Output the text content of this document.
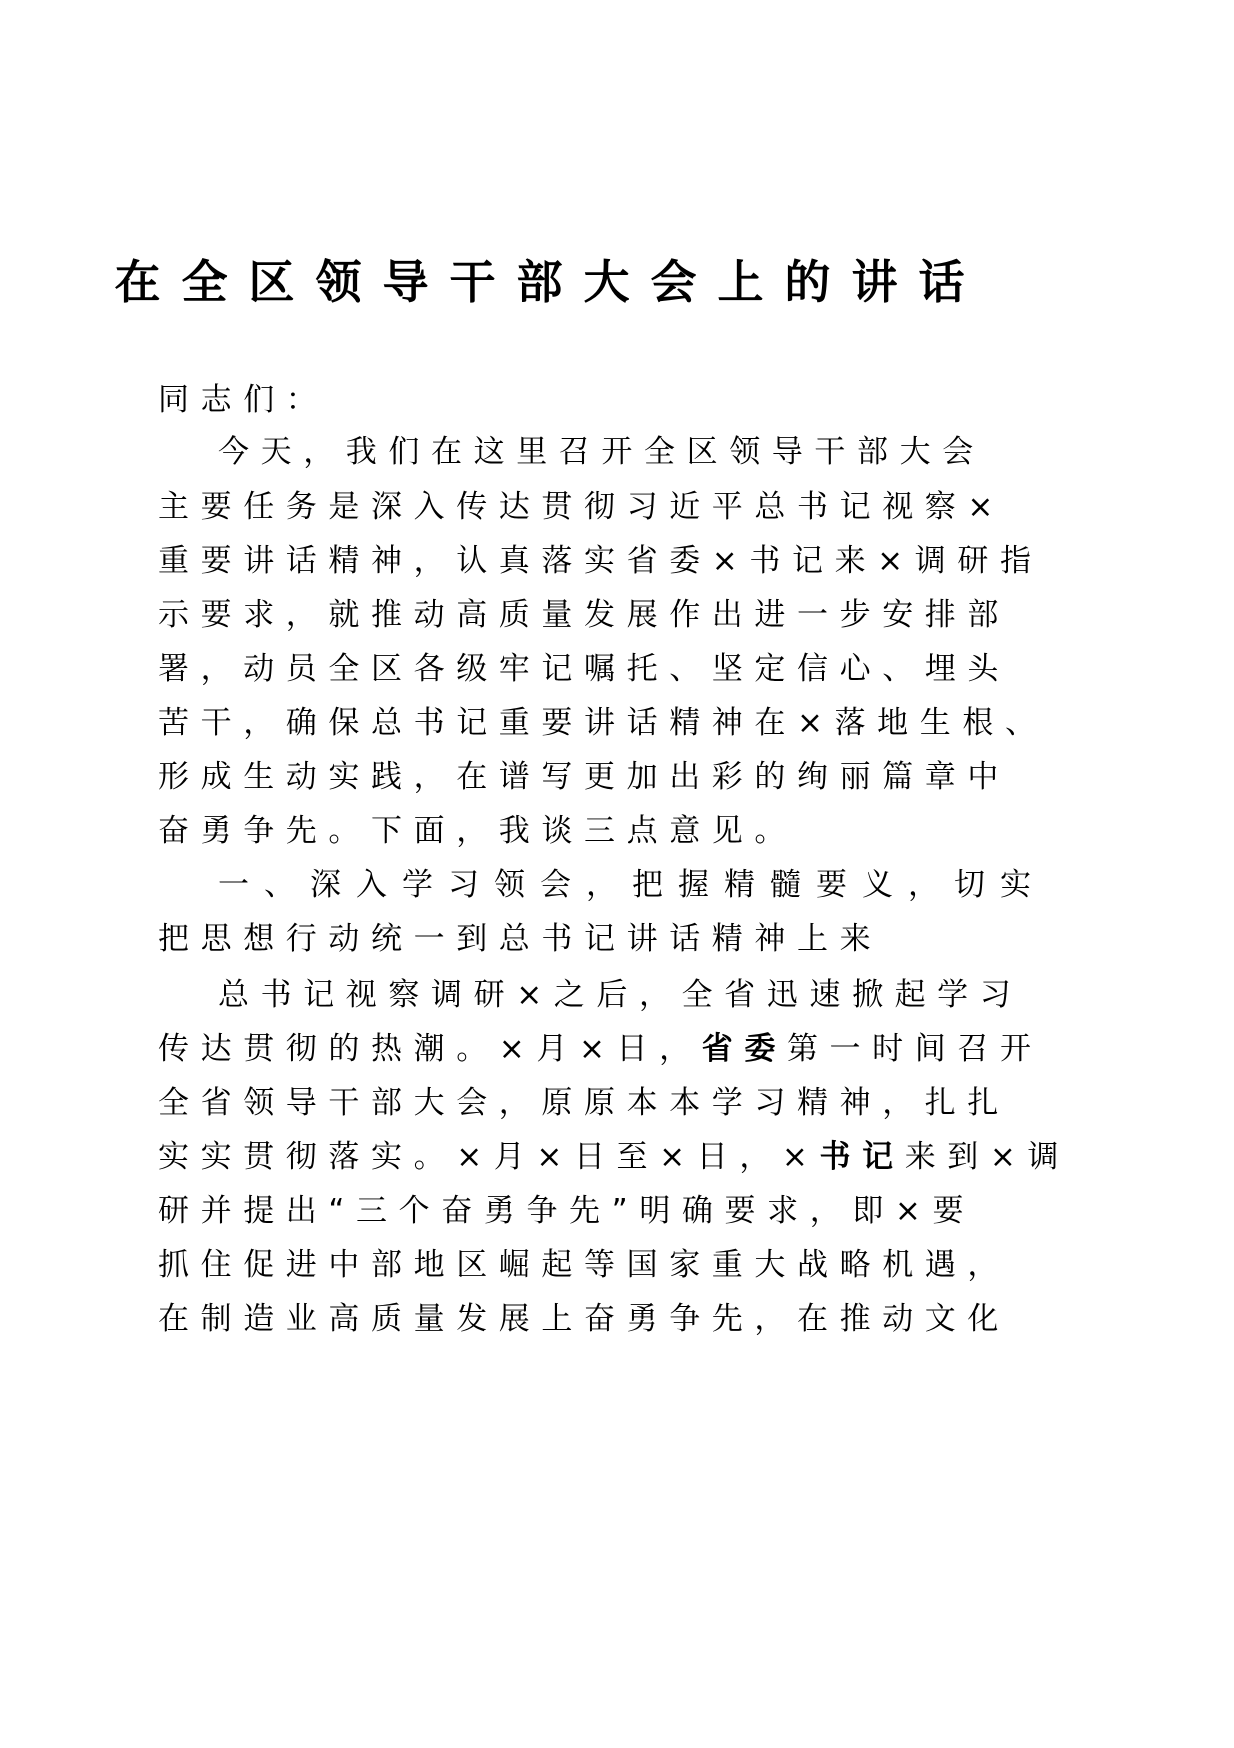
在全区领导干部大会上的讲话
同志们：
今天，我们在这里召开全区领导干部大会
主要任务是深入传达贯彻习近平总书记视察×
重要讲话精神，认真落实省委×书记来×调研指
示要求，就推动高质量发展作出进一步安排部
署，动员全区各级牢记嘱托、坚定信心、埋头
苦干，确保总书记重要讲话精神在×落地生根、
形成生动实践，在谱写更加出彩的绚丽篇章中
奋勇争先。下面，我谈三点意见。
一、深入学习领会，把握精髓要义，切实
把思想行动统一到总书记讲话精神上来
总书记视察调研×之后，全省迅速掀起学习
传达贯彻的热潮。×月×日，省委第一时间召开
全省领导干部大会，原原本本学习精神，扎扎
实实贯彻落实。×月×日至×日，×书记来到×调
研并提出“三个奋勇争先”明确要求，即×要
抓住促进中部地区崛起等国家重大战略机遇，
在制造业高质量发展上奋勇争先，在推动文化
